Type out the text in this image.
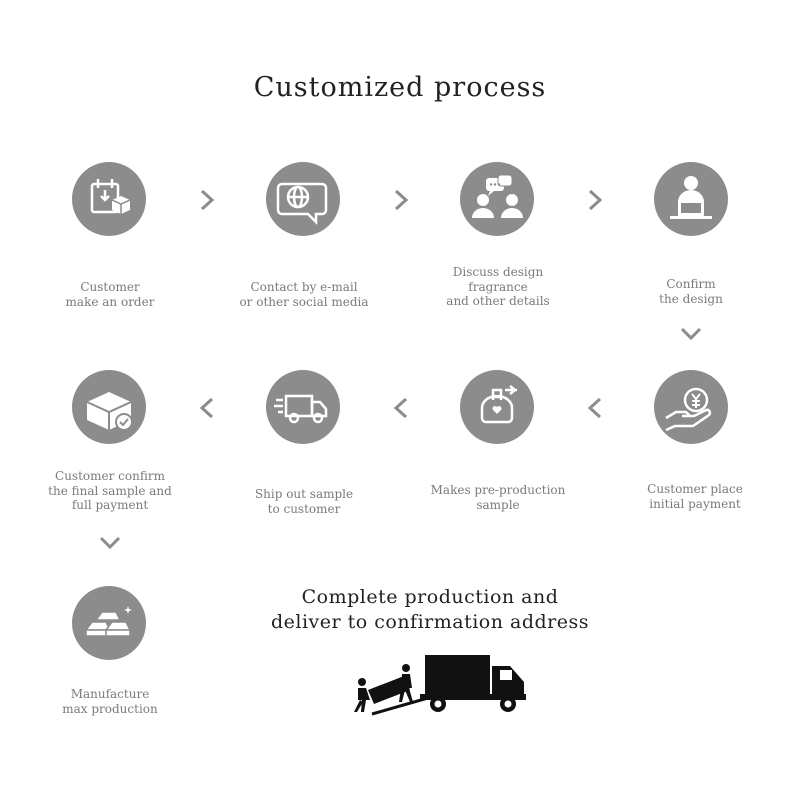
Customized process
Customer
make an order
Contact by e-mail
or other social media
Discuss design
fragrance
and other details
Confirm
the design
Customer confirm
the final sample and
full payment
Ship out sample
to customer
Makes pre-production
sample
Customer place
initial payment
Manufacture
max production
Complete production and
deliver to confirmation address
